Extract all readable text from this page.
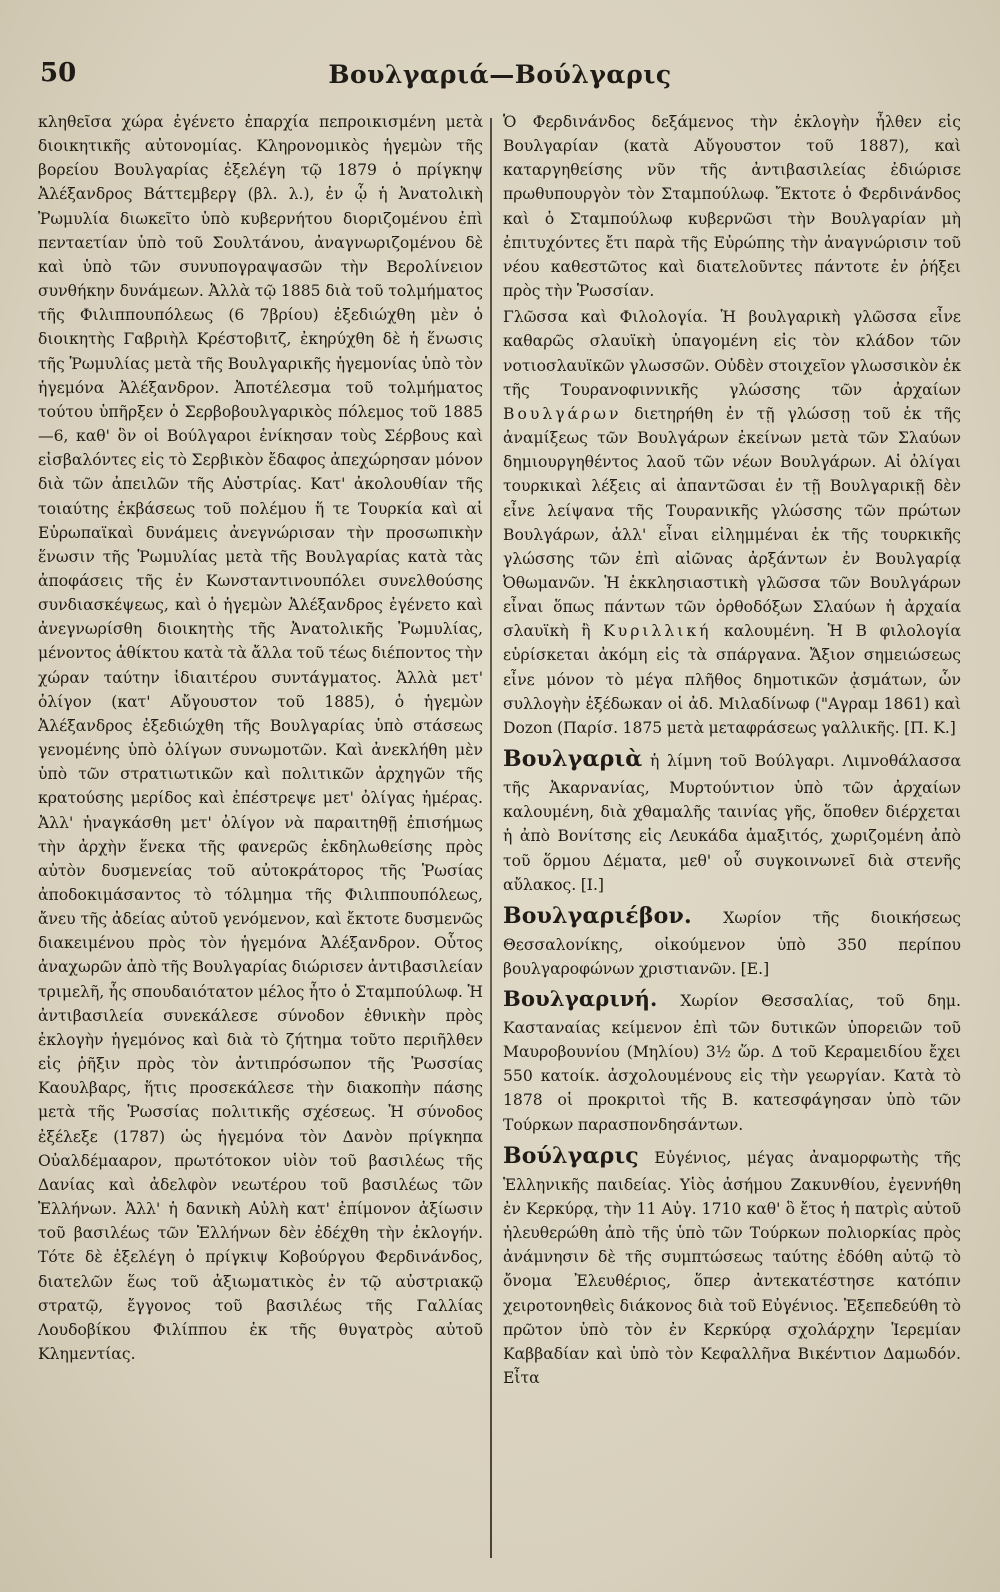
50	Βουλγαριά—Βούλγαρις

κληθεῖσα χώρα ἐγένετο ἐπαρχία πεπροικισμένη μετὰ διοικητικῆς αὐτονομίας. Κληρονομικὸς ἡγεμὼν τῆς βορείου Βουλγαρίας ἐξελέγη τῷ 1879 ὁ πρίγκηψ Ἀλέξανδρος Βάττεμβεργ (βλ. λ.), ἐν ᾧ ἡ Ἀνατολικὴ Ῥωμυλία διωκεῖτο ὑπὸ κυβερνήτου διοριζομένου ἐπὶ πενταετίαν ὑπὸ τοῦ Σουλτάνου, ἀναγνωριζομένου δὲ καὶ ὑπὸ τῶν συνυπογραψασῶν τὴν Βερολίνειον συνθήκην δυνάμεων. Ἀλλὰ τῷ 1885 διὰ τοῦ τολμήματος τῆς Φιλιππουπόλεως (6 7βρίου) ἐξεδιώχθη μὲν ὁ διοικητὴς Γαβριὴλ Κρέστοβιτζ, ἐκηρύχθη δὲ ἡ ἕνωσις τῆς Ῥωμυλίας μετὰ τῆς Βουλγαρικῆς ἡγεμονίας ὑπὸ τὸν ἡγεμόνα Ἀλέξανδρον. Ἀποτέλεσμα τοῦ τολμήματος τούτου ὑπῆρξεν ὁ Σερβοβουλγαρικὸς πόλεμος τοῦ 1885—6, καθ' ὃν οἱ Βούλγαροι ἐνίκησαν τοὺς Σέρβους καὶ εἰσβαλόντες εἰς τὸ Σερβικὸν ἔδαφος ἀπεχώρησαν μόνον διὰ τῶν ἀπειλῶν τῆς Αὐστρίας. Κατ' ἀκολουθίαν τῆς τοιαύτης ἐκβάσεως τοῦ πολέμου ἥ τε Τουρκία καὶ αἱ Εὐρωπαϊκαὶ δυνάμεις ἀνεγνώρισαν τὴν προσωπικὴν ἕνωσιν τῆς Ῥωμυλίας μετὰ τῆς Βουλγαρίας κατὰ τὰς ἀποφάσεις τῆς ἐν Κωνσταντινουπόλει συνελθούσης συνδιασκέψεως, καὶ ὁ ἡγεμὼν Ἀλέξανδρος ἐγένετο καὶ ἀνεγνωρίσθη διοικητὴς τῆς Ἀνατολικῆς Ῥωμυλίας, μένοντος ἀθίκτου κατὰ τὰ ἄλλα τοῦ τέως διέποντος τὴν χώραν ταύτην ἰδιαιτέρου συντάγματος. Ἀλλὰ μετ' ὀλίγον (κατ' Αὔγουστον τοῦ 1885), ὁ ἡγεμὼν Ἀλέξανδρος ἐξεδιώχθη τῆς Βουλγαρίας ὑπὸ στάσεως γενομένης ὑπὸ ὀλίγων συνωμοτῶν. Καὶ ἀνεκλήθη μὲν ὑπὸ τῶν στρατιωτικῶν καὶ πολιτικῶν ἀρχηγῶν τῆς κρατούσης μερίδος καὶ ἐπέστρεψε μετ' ὀλίγας ἡμέρας. Ἀλλ' ἠναγκάσθη μετ' ὀλίγον νὰ παραιτηθῇ ἐπισήμως τὴν ἀρχὴν ἕνεκα τῆς φανερῶς ἐκδηλωθείσης πρὸς αὐτὸν δυσμενείας τοῦ αὐτοκράτορος τῆς Ῥωσίας ἀποδοκιμάσαντος τὸ τόλμημα τῆς Φιλιππουπόλεως, ἄνευ τῆς ἀδείας αὐτοῦ γενόμενον, καὶ ἔκτοτε δυσμενῶς διακειμένου πρὸς τὸν ἡγεμόνα Ἀλέξανδρον. Οὗτος ἀναχωρῶν ἀπὸ τῆς Βουλγαρίας διώρισεν ἀντιβασιλείαν τριμελῆ, ἧς σπουδαιότατον μέλος ἦτο ὁ Σταμπούλωφ. Ἡ ἀντιβασιλεία συνεκάλεσε σύνοδον ἐθνικὴν πρὸς ἐκλογὴν ἡγεμόνος καὶ διὰ τὸ ζήτημα τοῦτο περιῆλθεν εἰς ῥῆξιν πρὸς τὸν ἀντιπρόσωπον τῆς Ῥωσσίας Καουλβαρς, ἥτις προσεκάλεσε τὴν διακοπὴν πάσης μετὰ τῆς Ῥωσσίας πολιτικῆς σχέσεως. Ἡ σύνοδος ἐξέλεξε (1787) ὡς ἡγεμόνα τὸν Δανὸν πρίγκηπα Οὐαλδέμααρον, πρωτότοκον υἱὸν τοῦ βασιλέως τῆς Δανίας καὶ ἀδελφὸν νεωτέρου τοῦ βασιλέως τῶν Ἑλλήνων. Ἀλλ' ἡ δανικὴ Αὐλὴ κατ' ἐπίμονον ἀξίωσιν τοῦ βασιλέως τῶν Ἑλλήνων δὲν ἐδέχθη τὴν ἐκλογήν. Τότε δὲ ἐξελέγη ὁ πρίγκιψ Κοβούργου Φερδινάνδος, διατελῶν ἕως τοῦ ἀξιωματικὸς ἐν τῷ αὐστριακῷ στρατῷ, ἔγγονος τοῦ βασιλέως τῆς Γαλλίας Λουδοβίκου Φιλίππου ἐκ τῆς θυγατρὸς αὐτοῦ Κλημεντίας.

Ὁ Φερδινάνδος δεξάμενος τὴν ἐκλογὴν ἦλθεν εἰς Βουλγαρίαν (κατὰ Αὔγουστον τοῦ 1887), καὶ καταργηθείσης νῦν τῆς ἀντιβασιλείας ἐδιώρισε πρωθυπουργὸν τὸν Σταμπούλωφ. Ἔκτοτε ὁ Φερδινάνδος καὶ ὁ Σταμπούλωφ κυβερνῶσι τὴν Βουλγαρίαν μὴ ἐπιτυχόντες ἔτι παρὰ τῆς Εὐρώπης τὴν ἀναγνώρισιν τοῦ νέου καθεστῶτος καὶ διατελοῦντες πάντοτε ἐν ῥήξει πρὸς τὴν Ῥωσσίαν.

Γλῶσσα καὶ Φιλολογία. Ἡ βουλγαρικὴ γλῶσσα εἶνε καθαρῶς σλαυϊκὴ ὑπαγομένη εἰς τὸν κλάδον τῶν νοτιοσλαυϊκῶν γλωσσῶν. Οὐδὲν στοιχεῖον γλωσσικὸν ἐκ τῆς Τουρανοφιννικῆς γλώσσης τῶν ἀρχαίων Βουλγάρων διετηρήθη ἐν τῇ γλώσσῃ τοῦ ἐκ τῆς ἀναμίξεως τῶν Βουλγάρων ἐκείνων μετὰ τῶν Σλαύων δημιουργηθέντος λαοῦ τῶν νέων Βουλγάρων. Αἱ ὀλίγαι τουρκικαὶ λέξεις αἱ ἀπαντῶσαι ἐν τῇ Βουλγαρικῇ δὲν εἶνε λείψανα τῆς Τουρανικῆς γλώσσης τῶν πρώτων Βουλγάρων, ἀλλ' εἶναι εἰλημμέναι ἐκ τῆς τουρκικῆς γλώσσης τῶν ἐπὶ αἰῶνας ἀρξάντων ἐν Βουλγαρίᾳ Ὀθωμανῶν. Ἡ ἐκκλησιαστικὴ γλῶσσα τῶν Βουλγάρων εἶναι ὅπως πάντων τῶν ὀρθοδόξων Σλαύων ἡ ἀρχαία σλαυϊκὴ ἢ Κυριλλική καλουμένη. Ἡ Β φιλολογία εὑρίσκεται ἀκόμη εἰς τὰ σπάργανα. Ἄξιον σημειώσεως εἶνε μόνον τὸ μέγα πλῆθος δημοτικῶν ᾀσμάτων, ὧν συλλογὴν ἐξέδωκαν οἱ ἀδ. Μιλαδίνωφ ("Αγραμ 1861) καὶ Dozon (Παρίσ. 1875 μετὰ μεταφράσεως γαλλικῆς. [Π. Κ.]

Βουλγαριὰ ἡ λίμνη τοῦ Βούλγαρι. Λιμνοθάλασσα τῆς Ἀκαρνανίας, Μυρτούντιον ὑπὸ τῶν ἀρχαίων καλουμένη, διὰ χθαμαλῆς ταινίας γῆς, ὅποθεν διέρχεται ἡ ἀπὸ Βονίτσης εἰς Λευκάδα ἁμαξιτός, χωριζομένη ἀπὸ τοῦ ὅρμου Δέματα, μεθ' οὗ συγκοινωνεῖ διὰ στενῆς αὔλακος. [Ι.]

Βουλγαριέβον. Χωρίον τῆς διοικήσεως Θεσσαλονίκης, οἰκούμενον ὑπὸ 350 περίπου βουλγαροφώνων χριστιανῶν. [Ε.]

Βουλγαρινή. Χωρίον Θεσσαλίας, τοῦ δημ. Κασταναίας κείμενον ἐπὶ τῶν δυτικῶν ὑπορειῶν τοῦ Μαυροβουνίου (Μηλίου) 3½ ὥρ. Δ τοῦ Κεραμειδίου ἔχει 550 κατοίκ. ἀσχολουμένους εἰς τὴν γεωργίαν. Κατὰ τὸ 1878 οἱ προκριτοὶ τῆς Β. κατεσφάγησαν ὑπὸ τῶν Τούρκων παρασπονδησάντων.

Βούλγαρις Εὐγένιος, μέγας ἀναμορφωτὴς τῆς Ἑλληνικῆς παιδείας. Υἱὸς ἀσήμου Ζακυνθίου, ἐγεννήθη ἐν Κερκύρᾳ, τὴν 11 Αὐγ. 1710 καθ' ὃ ἔτος ἡ πατρὶς αὐτοῦ ἠλευθερώθη ἀπὸ τῆς ὑπὸ τῶν Τούρκων πολιορκίας πρὸς ἀνάμνησιν δὲ τῆς συμπτώσεως ταύτης ἐδόθη αὐτῷ τὸ ὄνομα Ἐλευθέριος, ὅπερ ἀντεκατέστησε κατόπιν χειροτονηθεὶς διάκονος διὰ τοῦ Εὐγένιος. Ἐξεπεδεύθη τὸ πρῶτον ὑπὸ τὸν ἐν Κερκύρᾳ σχολάρχην Ἱερεμίαν Καββαδίαν καὶ ὑπὸ τὸν Κεφαλλῆνα Βικέντιον Δαμωδόν. Εἶτα
